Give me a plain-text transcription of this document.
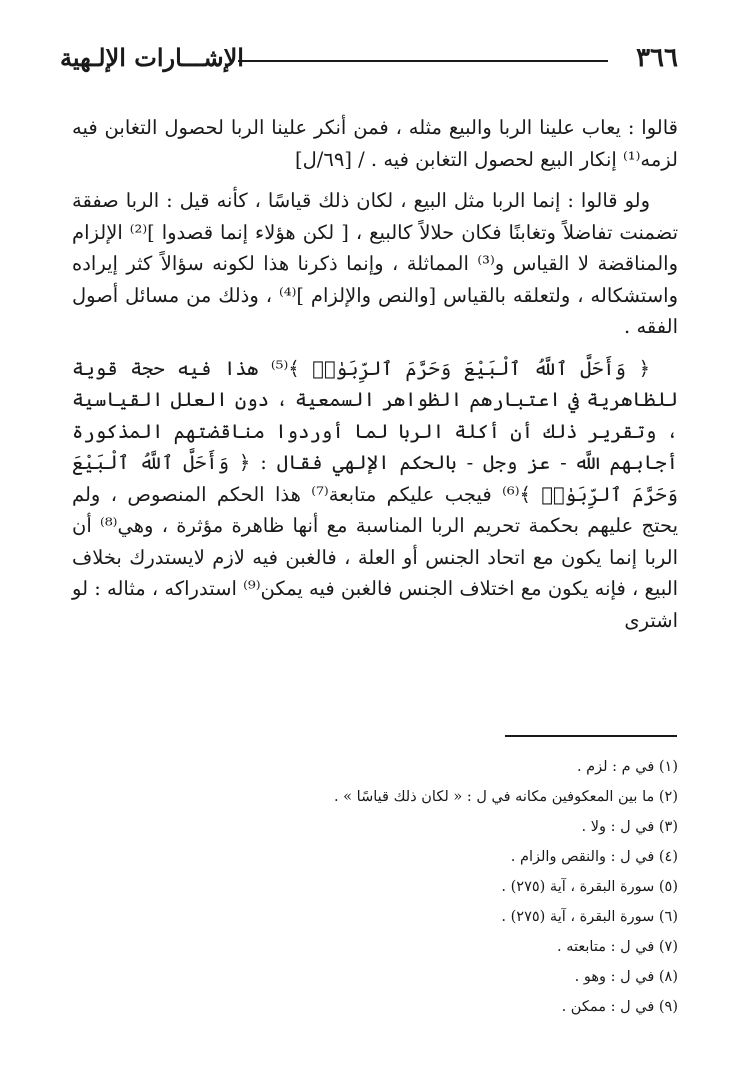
٣٦٦
الإشـــارات الإلـهية

قالوا : يعاب علينا الربا والبيع مثله ، فمن أنكر علينا الربا لحصول التغابن فيه لزمه⁽¹⁾ إنكار البيع لحصول التغابن فيه . / [٦٩/ل]

ولو قالوا : إنما الربا مثل البيع ، لكان ذلك قياسًا ، كأنه قيل : الربا صفقة تضمنت تفاضلاً وتغابنًا فكان حلالاً كالبيع ، [ لكن هؤلاء إنما قصدوا ]⁽²⁾ الإلزام والمناقضة لا القياس و⁽³⁾ المماثلة ، وإنما ذكرنا هذا لكونه سؤالاً كثر إيراده واستشكاله ، ولتعلقه بالقياس [والنص والإلزام ]⁽⁴⁾ ، وذلك من مسائل أصول الفقه .

﴿ وَأَحَلَّ ٱللَّهُ ٱلْبَيْعَ وَحَرَّمَ ٱلرِّبَوٰا۟ ﴾⁽⁵⁾ هذا فيه حجة قوية للظاهرية في اعتبارهم الظواهر السمعية ، دون العلل القياسية ، وتقرير ذلك أن أكلة الربا لما أوردوا مناقضتهم المذكورة أجابهم اللَّه - عز وجل - بالحكم الإلهي فقال : ﴿ وَأَحَلَّ ٱللَّهُ ٱلْبَيْعَ وَحَرَّمَ ٱلرِّبَوٰا۟ ﴾⁽⁶⁾ فيجب عليكم متابعة⁽⁷⁾ هذا الحكم المنصوص ، ولم يحتج عليهم بحكمة تحريم الربا المناسبة مع أنها ظاهرة مؤثرة ، وهي⁽⁸⁾ أن الربا إنما يكون مع اتحاد الجنس أو العلة ، فالغبن فيه لازم لايستدرك بخلاف البيع ، فإنه يكون مع اختلاف الجنس فالغبن فيه يمكن⁽⁹⁾ استدراكه ، مثاله : لو اشترى

(١) في م : لزم .
(٢) ما بين المعكوفين مكانه في ل : « لكان ذلك قياسًا » .
(٣) في ل : ولا .
(٤) في ل : والنقص والزام .
(٥) سورة البقرة ، آية (٢٧٥) .
(٦) سورة البقرة ، آية (٢٧٥) .
(٧) في ل : متابعته .
(٨) في ل : وهو .
(٩) في ل : ممكن .
